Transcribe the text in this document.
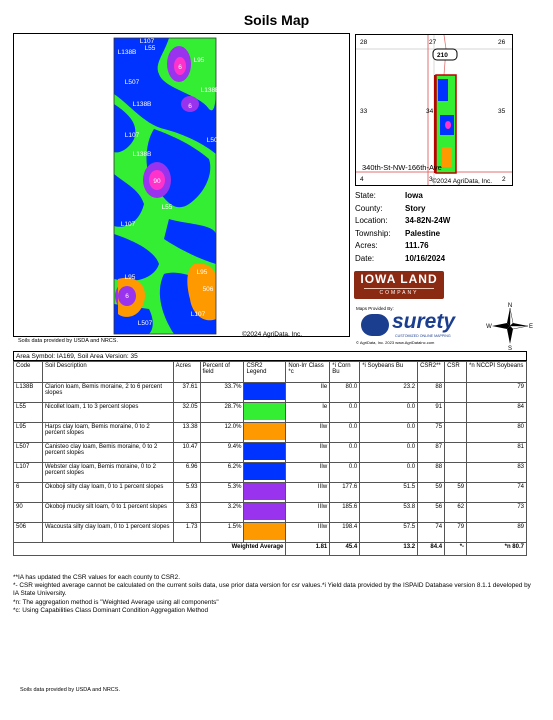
Soils Map
L107
L55
L138B
6
L95
L507
L138B
L138B	6
L107
L507
L138B
90
L55
L107
L95
6
L95
506
L107
L507
©2024 AgriData, Inc.
Soils data provided by USDA and NRCS.
210
28	27	26
33	34	35
4	3	2
340th-St-NW-166th-Ave
©2024 AgriData, Inc.
State:	Iowa
County:	Story
Location:	34-82N-24W
Township:	Palestine
Acres:	111.76
Date:	10/16/2024
IOWA LAND
COMPANY
Maps Provided By:
surety
CUSTOMIZED ONLINE MAPPING
© AgriData, Inc. 2023 www.AgriDataInc.com
N
S
W	E
Area Symbol: IA169, Soil Area Version: 35
Code	Soil Description	Acres	Percent of field	CSR2 Legend	Non-Irr Class *c	*i Corn Bu	*i Soybeans Bu	CSR2**	CSR	*n NCCPI Soybeans
L138B	Clarion loam, Bemis moraine, 2 to 6 percent slopes	37.61	33.7%		IIe	80.0	23.2	88		79
L55	Nicollet loam, 1 to 3 percent slopes	32.05	28.7%		Ie	0.0	0.0	91		84
L95	Harps clay loam, Bemis moraine, 0 to 2 percent slopes	13.38	12.0%		IIw	0.0	0.0	75		80
L507	Canisteo clay loam, Bemis moraine, 0 to 2 percent slopes	10.47	9.4%		IIw	0.0	0.0	87		81
L107	Webster clay loam, Bemis moraine, 0 to 2 percent slopes	6.96	6.2%		IIw	0.0	0.0	88		83
6	Okoboji silty clay loam, 0 to 1 percent slopes	5.93	5.3%		IIIw	177.6	51.5	59	59	74
90	Okoboji mucky silt loam, 0 to 1 percent slopes	3.63	3.2%		IIIw	185.6	53.8	56	62	73
506	Wacousta silty clay loam, 0 to 1 percent slopes	1.73	1.5%		IIIw	198.4	57.5	74	79	89
Weighted Average					1.81	45.4	13.2	84.4	*-	*n 80.7
**IA has updated the CSR values for each county to CSR2.
*- CSR weighted average cannot be calculated on the current soils data, use prior data version for csr values.*i Yield data provided by the ISPAID Database version 8.1.1 developed by IA State University.
*n: The aggregation method is "Weighted Average using all components"
*c: Using Capabilities Class Dominant Condition Aggregation Method
Soils data provided by USDA and NRCS.
